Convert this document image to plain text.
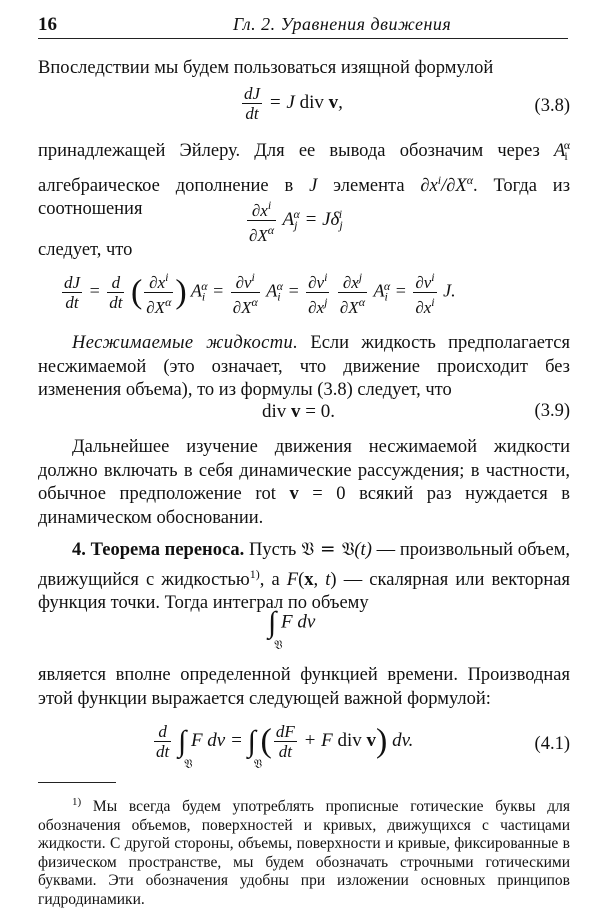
16	Гл. 2. Уравнения движения
Впоследствии мы будем пользоваться изящной формулой
$\frac{dJ}{dt} = J$ div v,	(3.8)
принадлежащей Эйлеру. Для ее вывода обозначим через $A_i^\alpha$ алгебраическое дополнение в J элемента $\partial x^i/\partial X^\alpha$. Тогда из соотношения	$\frac{\partial x^i}{\partial X^\alpha} A_j^\alpha = J\delta_j^i$
следует, что
$\frac{dJ}{dt} = \frac{d}{dt}$ ( $\frac{\partial x^i}{\partial X^\alpha}$ ) $A_i^\alpha = \frac{\partial v^i}{\partial X^\alpha} A_i^\alpha = \frac{\partial v^i}{\partial x^j}$
$\frac{\partial x^j}{\partial X^\alpha} A_i^\alpha = \frac{\partial v^i}{\partial x^i} J$.
Несжимаемые жидкости. Если жидкость предполагается несжимаемой (это означает, что движение происходит без изменения объема), то из формулы (3.8) следует, что
div v = 0.	(3.9)
Дальнейшее изучение движения несжимаемой жидкости должно включать в себя динамические рассуждения; в частности, обычное предположение rot v = 0 всякий раз нуждается в динамическом обосновании.
4. Теорема переноса. Пусть 𝔙 = 𝔙(t) — произвольный объем, движущийся с жидкостью$^{1)}$, а F(x, t) — скалярная или векторная функция точки. Тогда интеграл по объему
∫
𝔙
F dv
является вполне определенной функцией времени. Производная этой функции выражается следующей важной формулой:
$\frac{d}{dt}$ ∫
𝔙
F dv = ∫
𝔙
( $\frac{dF}{dt} + F$ div v) dv.	(4.1)
$^{1)}$ Мы всегда будем употреблять прописные готические буквы для обозначения объемов, поверхностей и кривых, движущихся с частицами жидкости. С другой стороны, объемы, поверхности и кривые, фиксированные в физическом пространстве, мы будем обозначать строчными готическими буквами. Эти обозначения удобны при изложении основных принципов гидродинамики.
